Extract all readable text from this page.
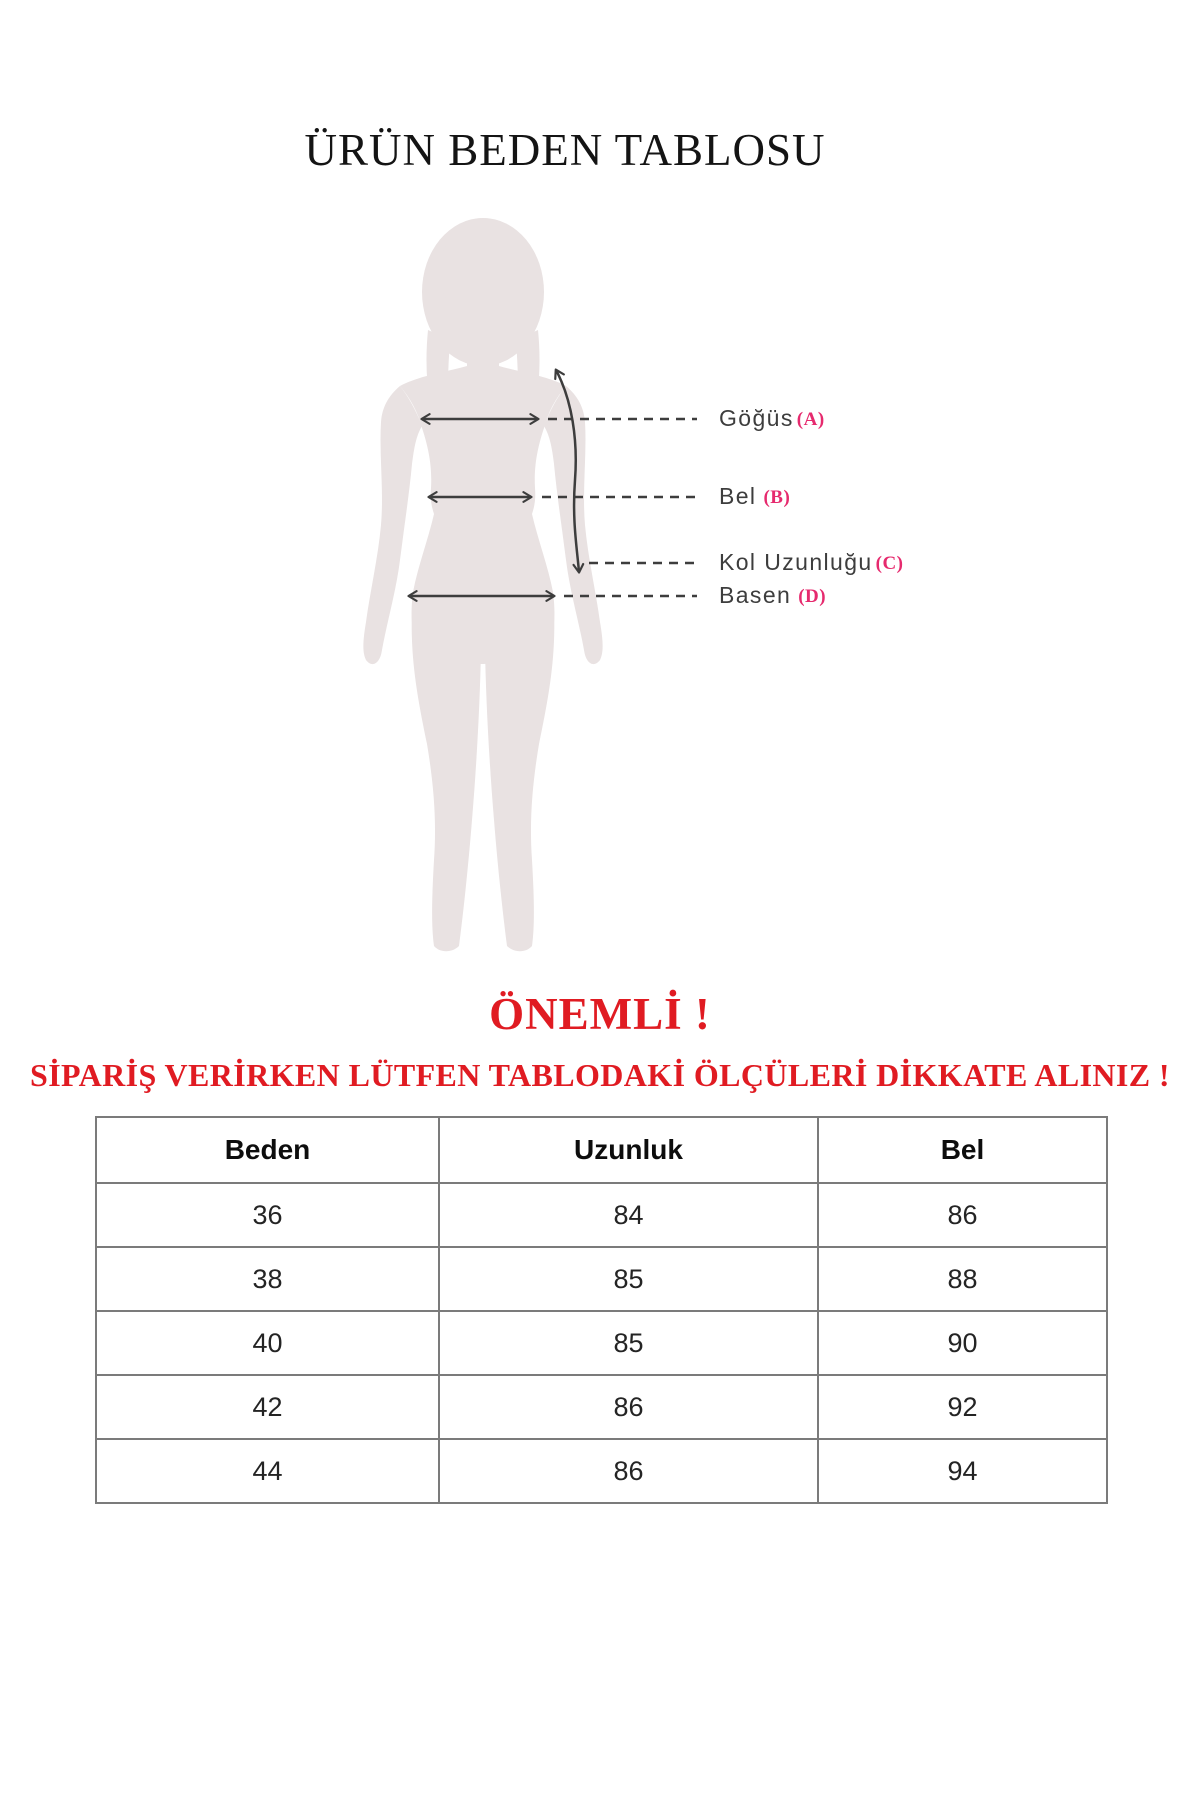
ÜRÜN BEDEN TABLOSU
Göğüs (A)
Bel (B)
Kol Uzunluğu (C)
Basen (D)
ÖNEMLİ !
SİPARİŞ VERİRKEN LÜTFEN TABLODAKİ ÖLÇÜLERİ DİKKATE ALINIZ !
Beden	Uzunluk	Bel
36	84	86
38	85	88
40	85	90
42	86	92
44	86	94
